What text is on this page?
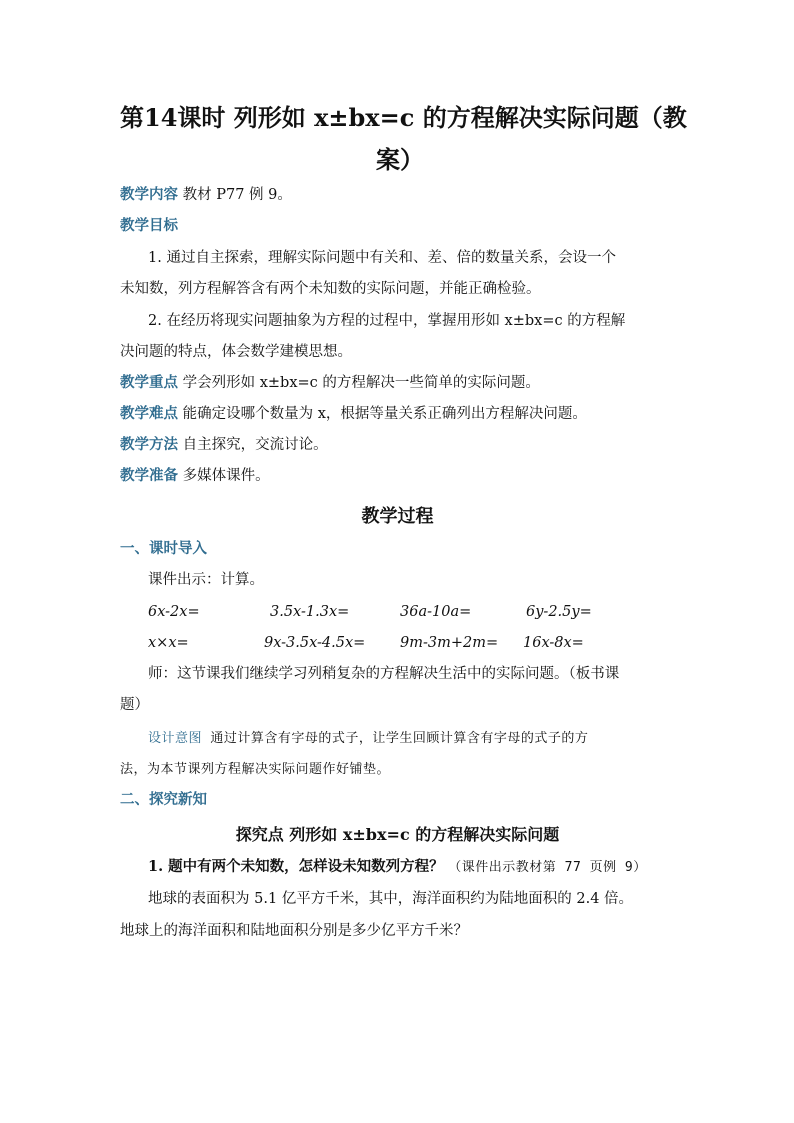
第14课时 列形如 x±bx=c 的方程解决实际问题（教
案）
教学内容 教材 P77 例 9。
教学目标
1. 通过自主探索，理解实际问题中有关和、差、倍的数量关系，会设一个
未知数，列方程解答含有两个未知数的实际问题，并能正确检验。
2. 在经历将现实问题抽象为方程的过程中，掌握用形如 x±bx=c 的方程解
决问题的特点，体会数学建模思想。
教学重点 学会列形如 x±bx=c 的方程解决一些简单的实际问题。
教学难点 能确定设哪个数量为 x，根据等量关系正确列出方程解决问题。
教学方法 自主探究，交流讨论。
教学准备 多媒体课件。
教学过程
一、课时导入
课件出示：计算。
6x-2x=	3.5x-1.3x=	36a-10a=	6y-2.5y=
x×x=	9x-3.5x-4.5x= 9m-3m+2m= 16x-8x=
师：这节课我们继续学习列稍复杂的方程解决生活中的实际问题。（板书课
题）
设计意图 通过计算含有字母的式子，让学生回顾计算含有字母的式子的方
法，为本节课列方程解决实际问题作好铺垫。
二、探究新知
探究点 列形如 x±bx=c 的方程解决实际问题
1. 题中有两个未知数，怎样设未知数列方程？ （课件出示教材第 77 页例 9）
地球的表面积为 5.1 亿平方千米，其中，海洋面积约为陆地面积的 2.4 倍。
地球上的海洋面积和陆地面积分别是多少亿平方千米？
